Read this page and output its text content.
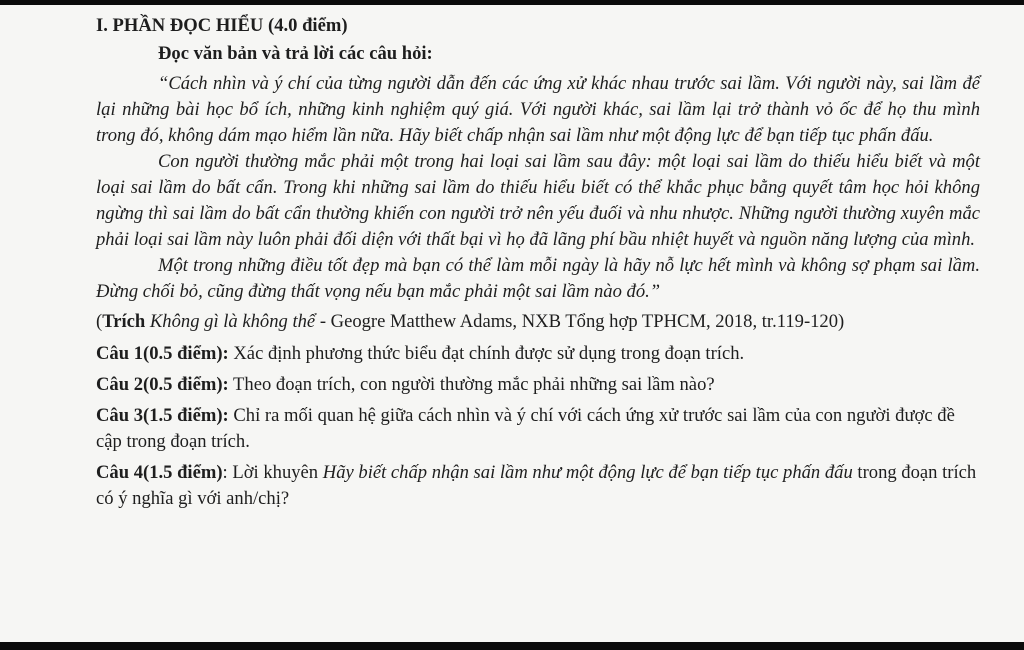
I. PHẦN ĐỌC HIỂU (4.0 điểm)

Đọc văn bản và trả lời các câu hỏi:

“Cách nhìn và ý chí của từng người dẫn đến các ứng xử khác nhau trước sai lầm. Với người này, sai lầm để lại những bài học bổ ích, những kinh nghiệm quý giá. Với người khác, sai lầm lại trở thành vỏ ốc để họ thu mình trong đó, không dám mạo hiểm lần nữa. Hãy biết chấp nhận sai lầm như một động lực để bạn tiếp tục phấn đấu.

Con người thường mắc phải một trong hai loại sai lầm sau đây: một loại sai lầm do thiếu hiểu biết và một loại sai lầm do bất cẩn. Trong khi những sai lầm do thiếu hiểu biết có thể khắc phục bằng quyết tâm học hỏi không ngừng thì sai lầm do bất cẩn thường khiến con người trở nên yếu đuối và nhu nhược. Những người thường xuyên mắc phải loại sai lầm này luôn phải đối diện với thất bại vì họ đã lãng phí bầu nhiệt huyết và nguồn năng lượng của mình.

Một trong những điều tốt đẹp mà bạn có thể làm mỗi ngày là hãy nỗ lực hết mình và không sợ phạm sai lầm. Đừng chối bỏ, cũng đừng thất vọng nếu bạn mắc phải một sai lầm nào đó.”

(Trích Không gì là không thể - Geogre Matthew Adams, NXB Tổng hợp TPHCM, 2018, tr.119-120)

Câu 1(0.5 điểm): Xác định phương thức biểu đạt chính được sử dụng trong đoạn trích.

Câu 2(0.5 điểm): Theo đoạn trích, con người thường mắc phải những sai lầm nào?

Câu 3(1.5 điểm): Chỉ ra mối quan hệ giữa cách nhìn và ý chí với cách ứng xử trước sai lầm của con người được đề cập trong đoạn trích.

Câu 4(1.5 điểm): Lời khuyên Hãy biết chấp nhận sai lầm như một động lực để bạn tiếp tục phấn đấu trong đoạn trích có ý nghĩa gì với anh/chị?
